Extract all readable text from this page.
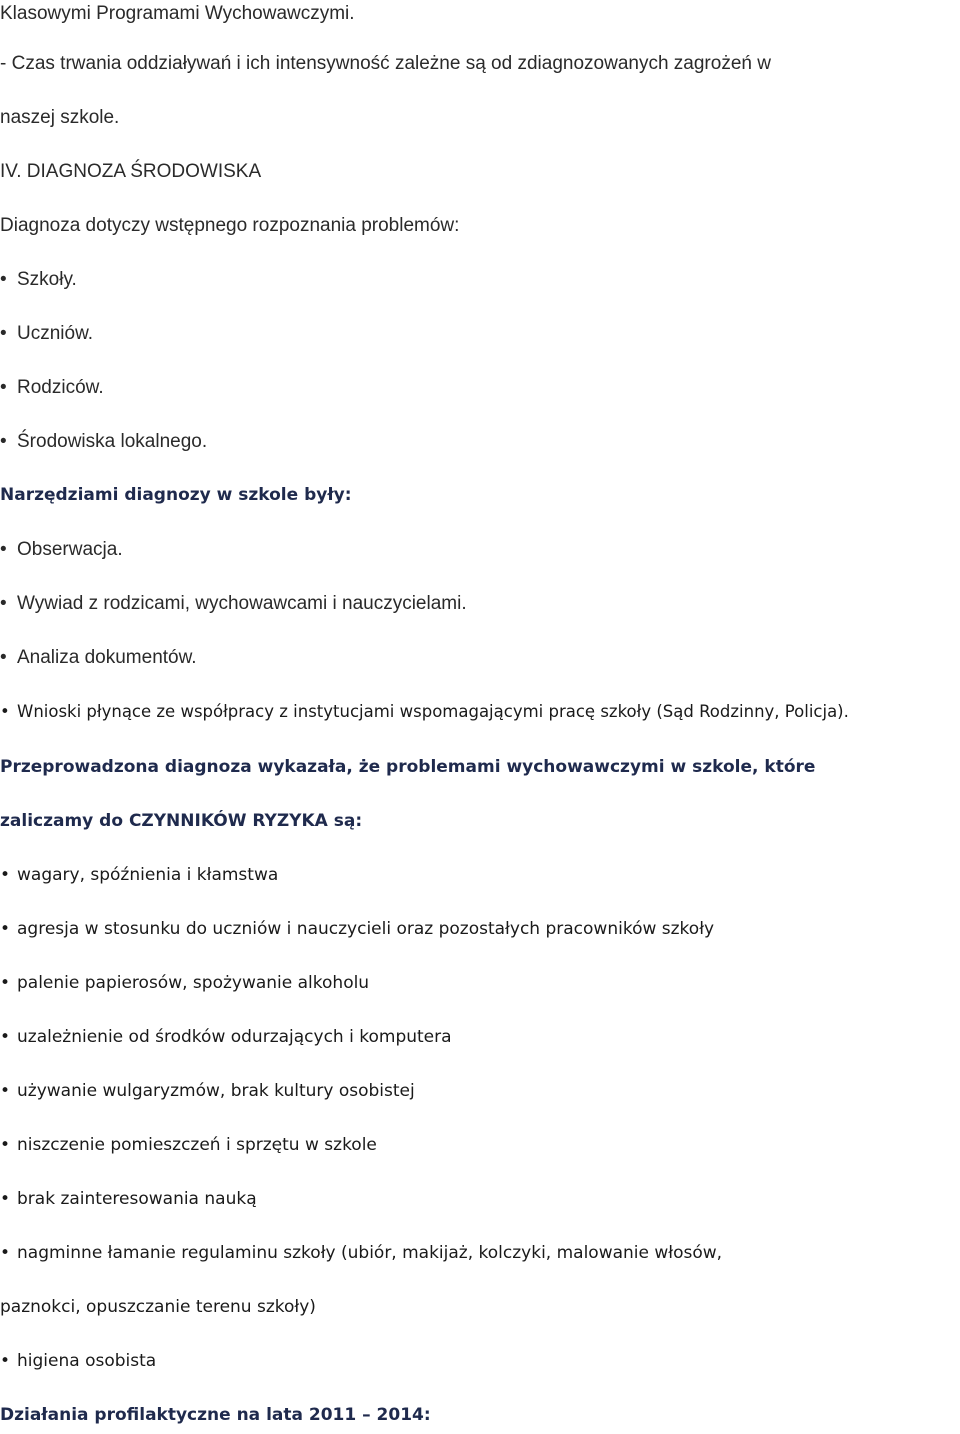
Klasowymi Programami Wychowawczymi.
- Czas trwania oddziaływań i ich intensywność zależne są od zdiagnozowanych zagrożeń w
naszej szkole.
IV. DIAGNOZA ŚRODOWISKA
Diagnoza dotyczy wstępnego rozpoznania problemów:
• Szkoły.
• Uczniów.
• Rodziców.
• Środowiska lokalnego.
Narzędziami diagnozy w szkole były:
• Obserwacja.
• Wywiad z rodzicami, wychowawcami i nauczycielami.
• Analiza dokumentów.
• Wnioski płynące ze współpracy z instytucjami wspomagającymi pracę szkoły (Sąd Rodzinny, Policja).
Przeprowadzona diagnoza wykazała, że problemami wychowawczymi w szkole, które
zaliczamy do CZYNNIKÓW RYZYKA są:
• wagary, spóźnienia i kłamstwa
• agresja w stosunku do uczniów i nauczycieli oraz pozostałych pracowników szkoły
• palenie papierosów, spożywanie alkoholu
• uzależnienie od środków odurzających i komputera
• używanie wulgaryzmów, brak kultury osobistej
• niszczenie pomieszczeń i sprzętu w szkole
• brak zainteresowania nauką
• nagminne łamanie regulaminu szkoły (ubiór, makijaż, kolczyki, malowanie włosów,
paznokci, opuszczanie terenu szkoły)
• higiena osobista
Działania profilaktyczne na lata 2011 – 2014:
